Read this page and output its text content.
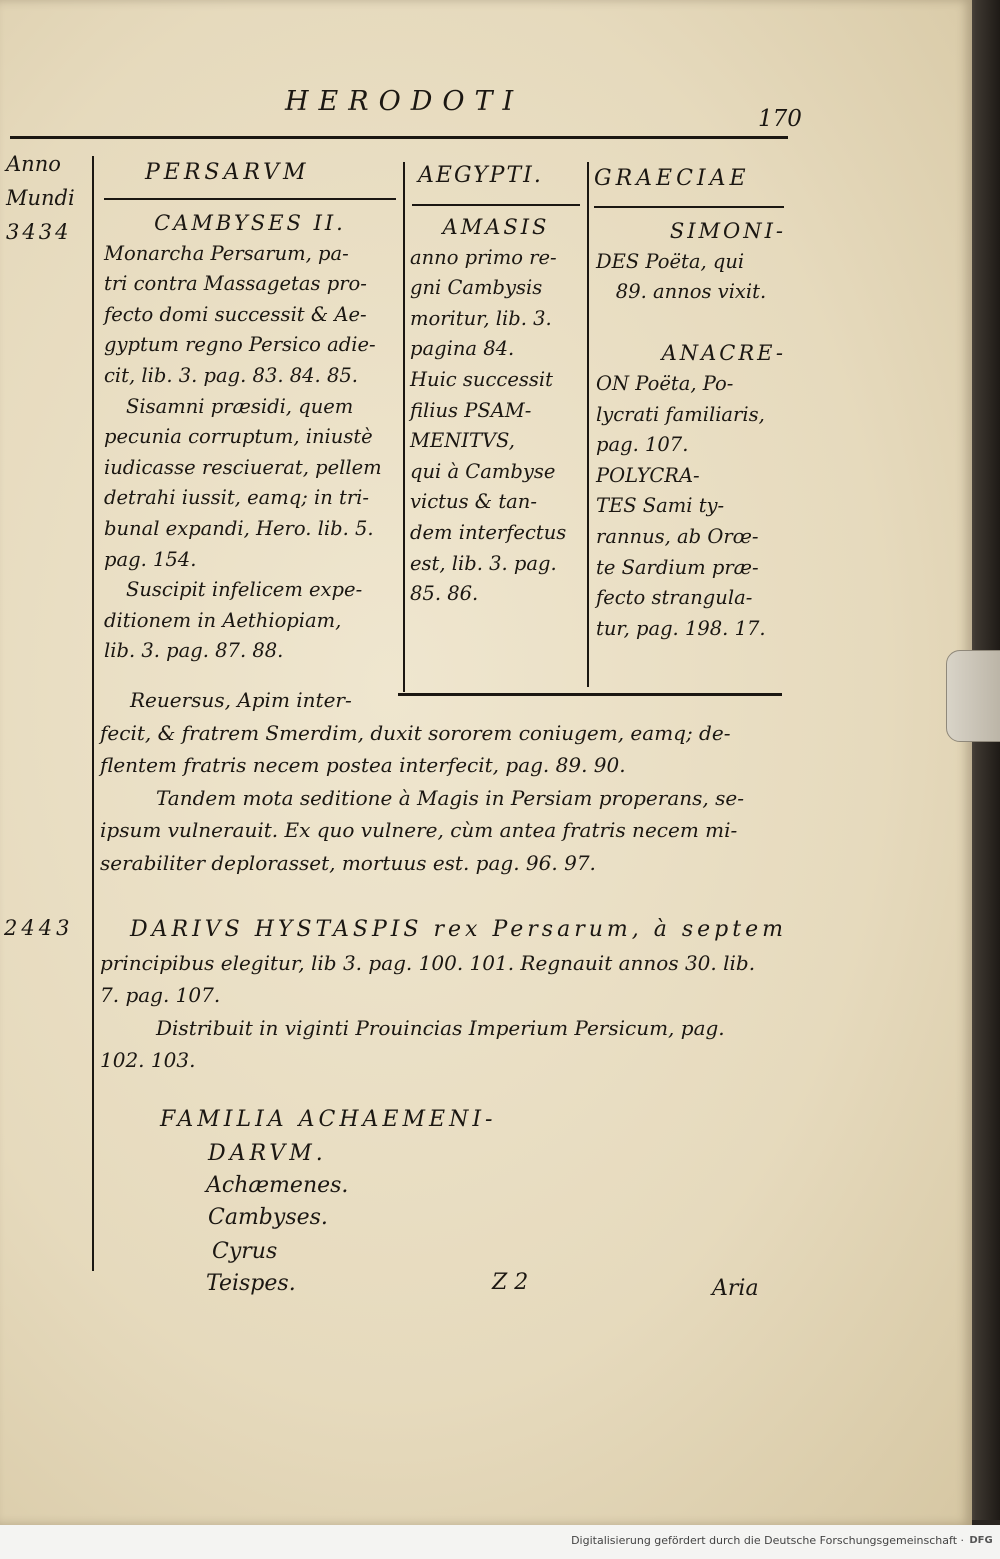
HERODOTI
170
Anno
Mundi
3434
2443
PERSARVM	AEGYPTI. GRAECIAE

CAMBYSES II.

Monarcha Persarum, pa-

tri contra Massagetas pro-

fecto domi successit & Ae-

gyptum regno Persico adie-

cit, lib. 3. pag. 83. 84. 85.

Sisamni præsidi, quem

pecunia corruptum, iniustè

iudicasse resciuerat, pellem

detrahi iussit, eamq; in tri-

bunal expandi, Hero. lib. 5.

pag. 154.

Suscipit infelicem expe-

ditionem in Aethiopiam,

lib. 3. pag. 87. 88.

AMASIS

anno primo re-

gni Cambysis

moritur, lib. 3.

pagina 84.

Huic successit

filius PSAM-

MENITVS,

qui à Cambyse

victus & tan-

dem interfectus

est, lib. 3. pag.

85. 86.

SIMONI-

DES Poëta, qui

89. annos vixit.

ANACRE-

ON Poëta, Po-

lycrati familiaris,

pag. 107.

POLYCRA-

TES Sami ty-

rannus, ab Orœ-

te Sardium præ-

fecto strangula-

tur, pag. 198. 17.

Reuersus, Apim inter-

fecit, & fratrem Smerdim, duxit sororem coniugem, eamq; de-

flentem fratris necem postea interfecit, pag. 89. 90.

Tandem mota seditione à Magis in Persiam properans, se-

ipsum vulnerauit. Ex quo vulnere, cùm antea fratris necem mi-

serabiliter deplorasset, mortuus est. pag. 96. 97.

DARIVS HYSTASPIS rex Persarum, à septem

principibus elegitur, lib 3. pag. 100. 101. Regnauit annos 30. lib.

7. pag. 107.

Distribuit in viginti Prouincias Imperium Persicum, pag.

102. 103.

FAMILIA ACHAEMENI-
DARVM.
Achæmenes.
Cambyses.
Cyrus
Teispes.	Z 2	Aria
Digitalisierung gefördert durch die Deutsche Forschungsgemeinschaft · DFG
